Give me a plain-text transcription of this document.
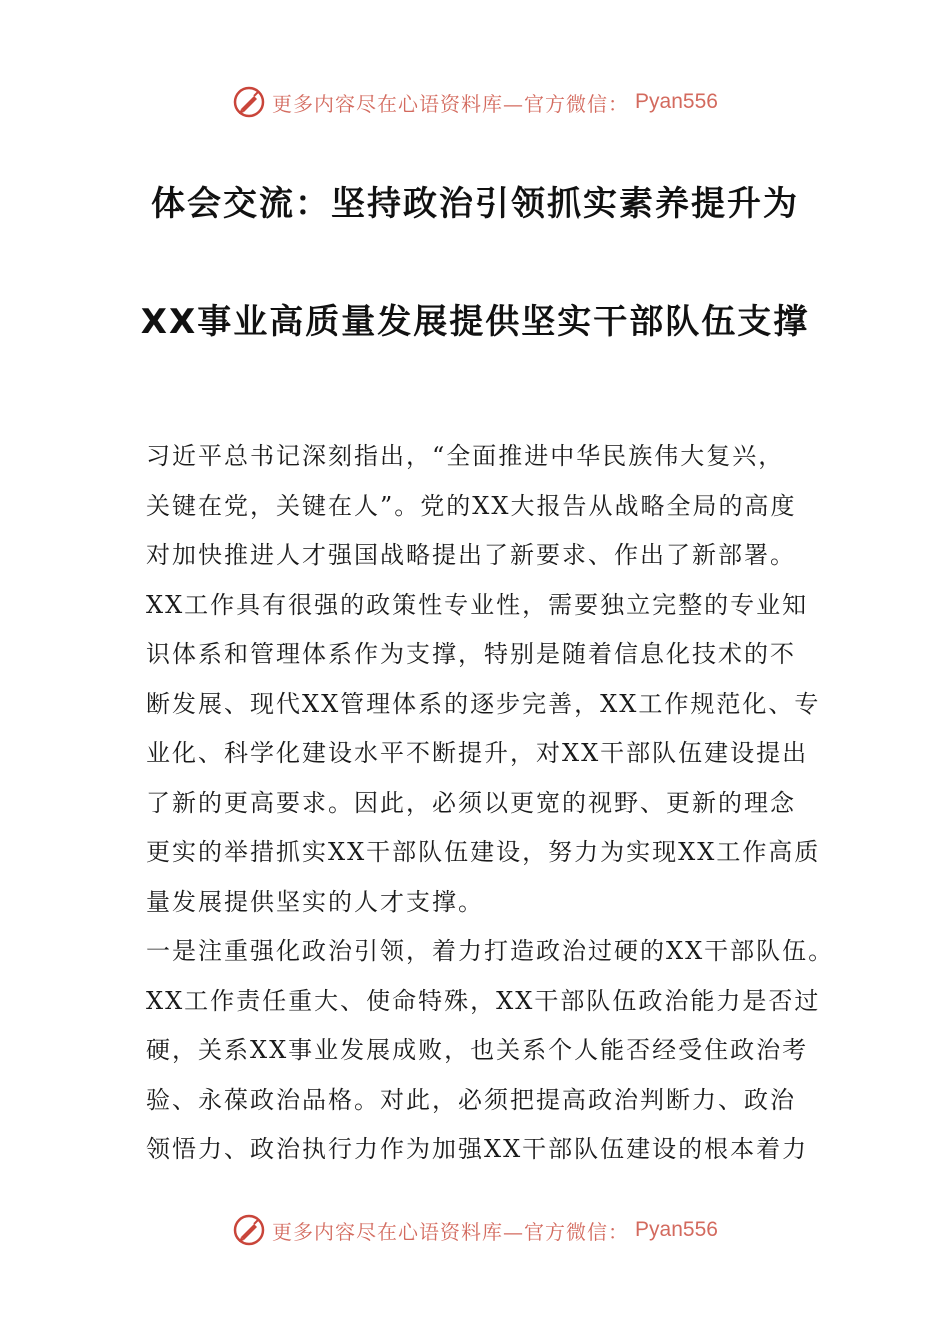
更多内容尽在心语资料库—官方微信： Pyan556
体会交流：坚持政治引领抓实素养提升为
XX事业高质量发展提供坚实干部队伍支撑
习近平总书记深刻指出，“全面推进中华民族伟大复兴，
关键在党，关键在人”。党的XX大报告从战略全局的高度
对加快推进人才强国战略提出了新要求、作出了新部署。
XX工作具有很强的政策性专业性，需要独立完整的专业知
识体系和管理体系作为支撑，特别是随着信息化技术的不
断发展、现代XX管理体系的逐步完善，XX工作规范化、专
业化、科学化建设水平不断提升，对XX干部队伍建设提出
了新的更高要求。因此，必须以更宽的视野、更新的理念
更实的举措抓实XX干部队伍建设，努力为实现XX工作高质
量发展提供坚实的人才支撑。
一是注重强化政治引领，着力打造政治过硬的XX干部队伍。
XX工作责任重大、使命特殊，XX干部队伍政治能力是否过
硬，关系XX事业发展成败，也关系个人能否经受住政治考
验、永葆政治品格。对此，必须把提高政治判断力、政治
领悟力、政治执行力作为加强XX干部队伍建设的根本着力
更多内容尽在心语资料库—官方微信： Pyan556
